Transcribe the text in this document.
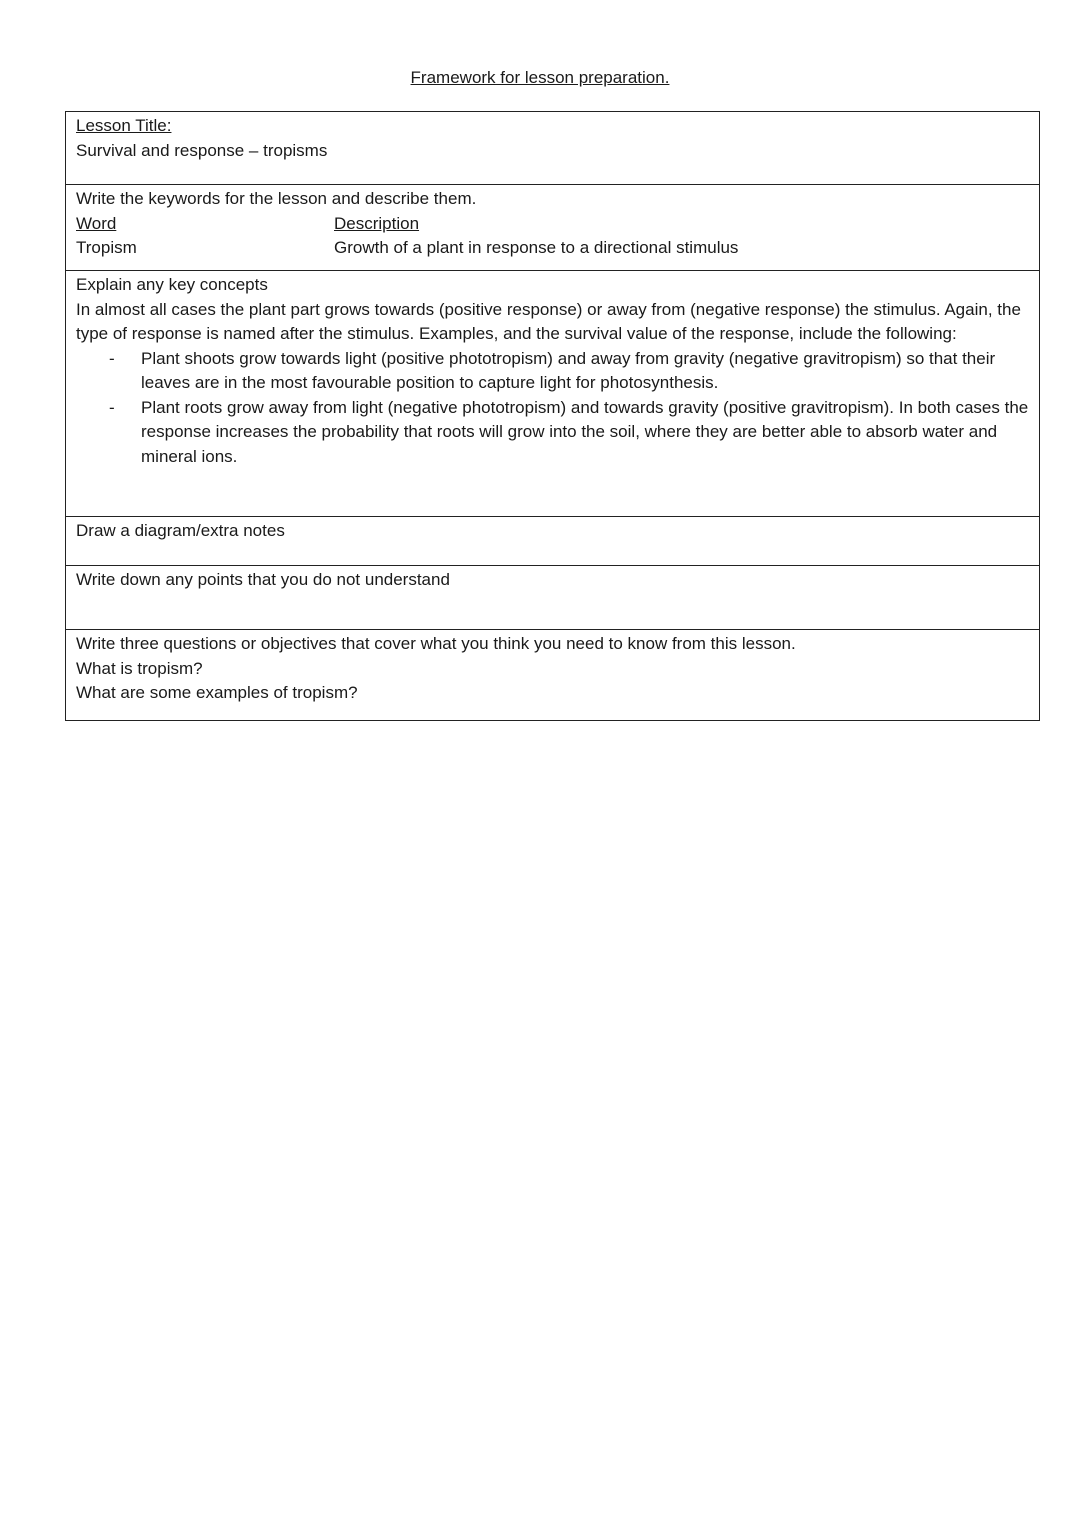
Framework for lesson preparation.
Lesson Title:
Survival and response – tropisms
Write the keywords for the lesson and describe them.
Word	Description
Tropism	Growth of a plant in response to a directional stimulus
Explain any key concepts
In almost all cases the plant part grows towards (positive response) or away from (negative response) the stimulus. Again, the type of response is named after the stimulus. Examples, and the survival value of the response, include the following:
- Plant shoots grow towards light (positive phototropism) and away from gravity (negative gravitropism) so that their leaves are in the most favourable position to capture light for photosynthesis.
- Plant roots grow away from light (negative phototropism) and towards gravity (positive gravitropism). In both cases the response increases the probability that roots will grow into the soil, where they are better able to absorb water and mineral ions.
Draw a diagram/extra notes
Write down any points that you do not understand
Write three questions or objectives that cover what you think you need to know from this lesson.
What is tropism?
What are some examples of tropism?
